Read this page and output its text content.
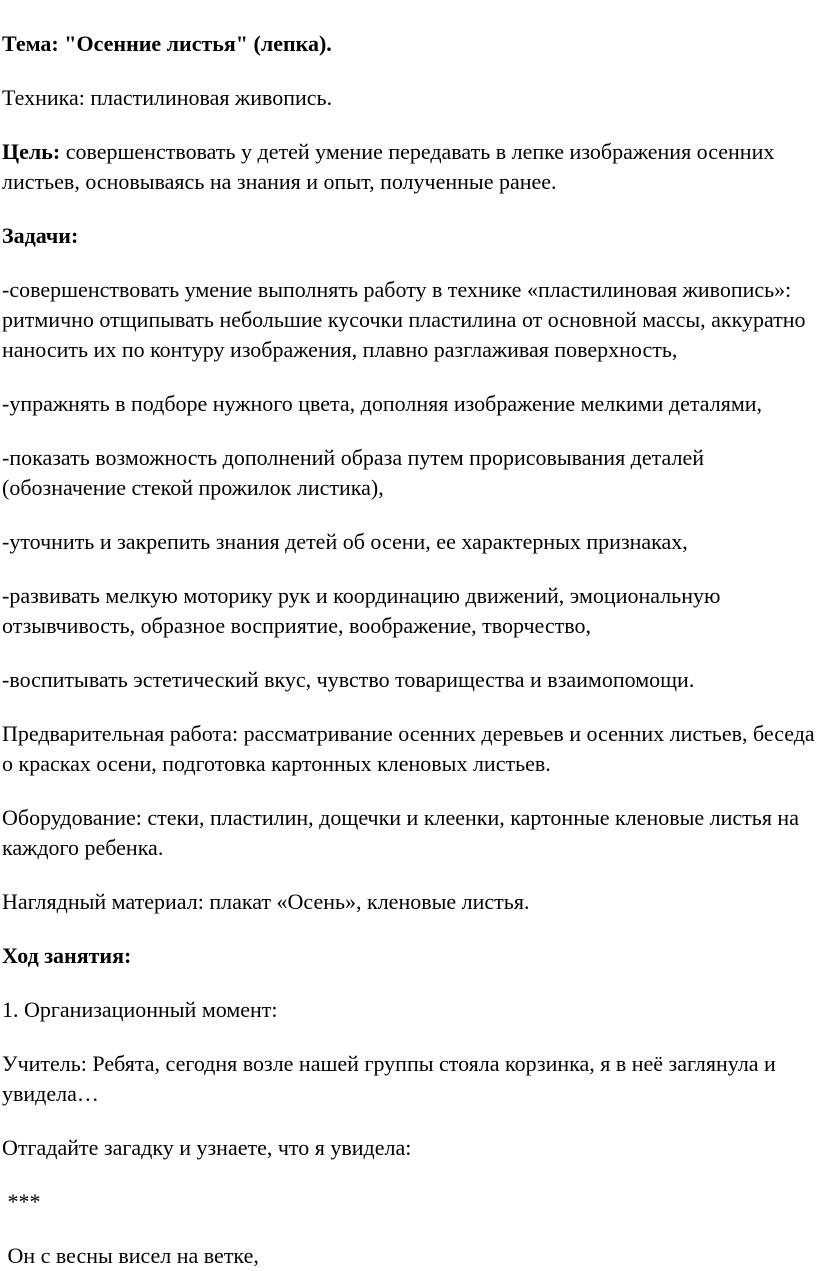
Тема: "Осенние листья" (лепка).

Техника: пластилиновая живопись.

Цель: совершенствовать у детей умение передавать в лепке изображения осенних листьев, основываясь на знания и опыт, полученные ранее.

Задачи:

-совершенствовать умение выполнять работу в технике «пластилиновая живопись»: ритмично отщипывать небольшие кусочки пластилина от основной массы, аккуратно наносить их по контуру изображения, плавно разглаживая поверхность,

-упражнять в подборе нужного цвета, дополняя изображение мелкими деталями,

-показать возможность дополнений образа путем прорисовывания деталей (обозначение стекой прожилок листика),

-уточнить и закрепить знания детей об осени, ее характерных признаках,

-развивать мелкую моторику рук и координацию движений, эмоциональную отзывчивость, образное восприятие, воображение, творчество,

-воспитывать эстетический вкус, чувство товарищества и взаимопомощи.

Предварительная работа: рассматривание осенних деревьев и осенних листьев, беседа о красках осени, подготовка картонных кленовых листьев.

Оборудование: стеки, пластилин, дощечки и клеенки, картонные кленовые листья на каждого ребенка.

Наглядный материал: плакат «Осень», кленовые листья.

Ход занятия:

1. Организационный момент:

Учитель: Ребята, сегодня возле нашей группы стояла корзинка, я в неё заглянула и увидела…

Отгадайте загадку и узнаете, что я увидела:

***

Он с весны висел на ветке,
